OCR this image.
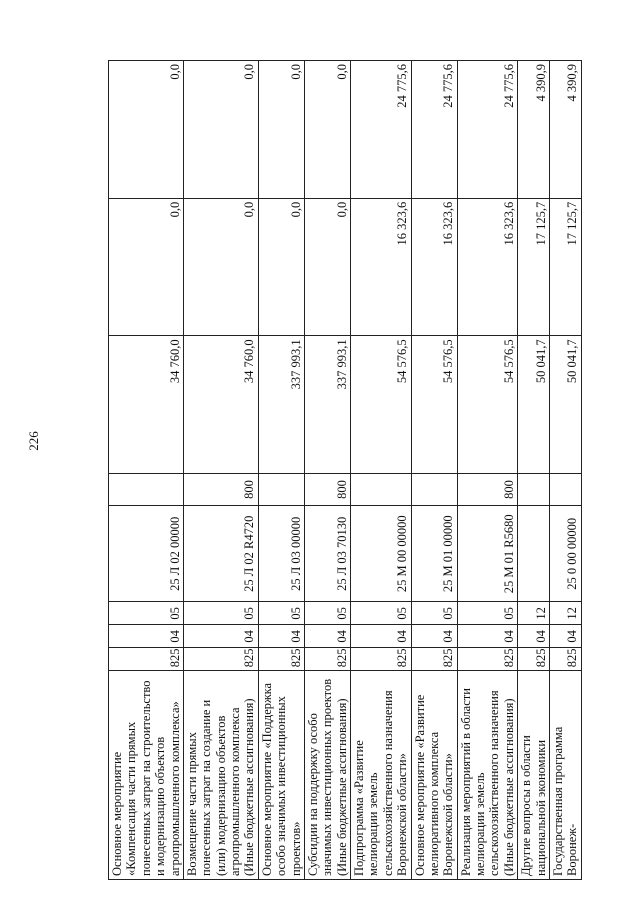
226
Основное мероприятие «Компенсация части прямых понесенных затрат на строительство и модернизацию объектов агропромышленного комплекса»	825	04	05	25 Л 02 00000		34 760,0	0,0	0,0
Возмещение части прямых понесенных затрат на создание и (или) модернизацию объектов агропромышленного комплекса (Иные бюджетные ассигнования)	825	04	05	25 Л 02 R4720	800	34 760,0	0,0	0,0
Основное мероприятие «Поддержка особо значимых инвестиционных проектов»	825	04	05	25 Л 03 00000		337 993,1	0,0	0,0
Субсидии на поддержку особо значимых инвестиционных проектов (Иные бюджетные ассигнования)	825	04	05	25 Л 03 70130	800	337 993,1	0,0	0,0
Подпрограмма «Развитие мелиорации земель сельскохозяйственного назначения Воронежской области»	825	04	05	25 М 00 00000		54 576,5	16 323,6	24 775,6
Основное мероприятие «Развитие мелиоративного комплекса Воронежской области»	825	04	05	25 М 01 00000		54 576,5	16 323,6	24 775,6
Реализация мероприятий в области мелиорации земель сельскохозяйственного назначения (Иные бюджетные ассигнования)	825	04	05	25 М 01 R5680	800	54 576,5	16 323,6	24 775,6
Другие вопросы в области национальной экономики	825	04	12			50 041,7	17 125,7	4 390,9
Государственная программа Воронеж-	825	04	12	25 0 00 00000		50 041,7	17 125,7	4 390,9
